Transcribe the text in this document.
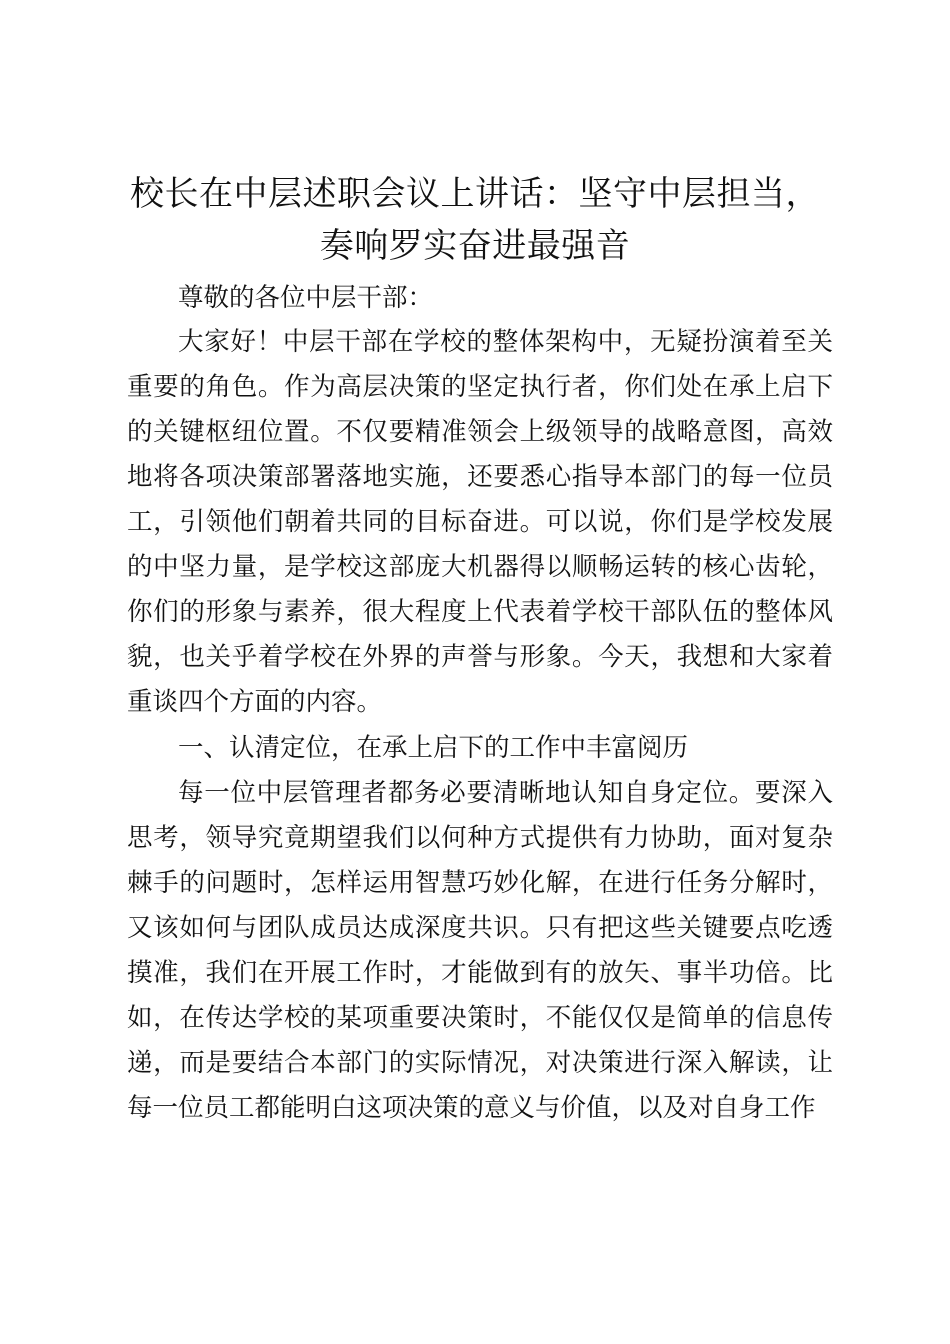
校长在中层述职会议上讲话：坚守中层担当，
奏响罗实奋进最强音

尊敬的各位中层干部：

大家好！中层干部在学校的整体架构中，无疑扮演着至关重要的角色。作为高层决策的坚定执行者，你们处在承上启下的关键枢纽位置。不仅要精准领会上级领导的战略意图，高效地将各项决策部署落地实施，还要悉心指导本部门的每一位员工，引领他们朝着共同的目标奋进。可以说，你们是学校发展的中坚力量，是学校这部庞大机器得以顺畅运转的核心齿轮，你们的形象与素养，很大程度上代表着学校干部队伍的整体风貌，也关乎着学校在外界的声誉与形象。今天，我想和大家着重谈四个方面的内容。

一、认清定位，在承上启下的工作中丰富阅历

每一位中层管理者都务必要清晰地认知自身定位。要深入思考，领导究竟期望我们以何种方式提供有力协助，面对复杂棘手的问题时，怎样运用智慧巧妙化解，在进行任务分解时，又该如何与团队成员达成深度共识。只有把这些关键要点吃透摸准，我们在开展工作时，才能做到有的放矢、事半功倍。比如，在传达学校的某项重要决策时，不能仅仅是简单的信息传递，而是要结合本部门的实际情况，对决策进行深入解读，让每一位员工都能明白这项决策的意义与价值，以及对自身工作
